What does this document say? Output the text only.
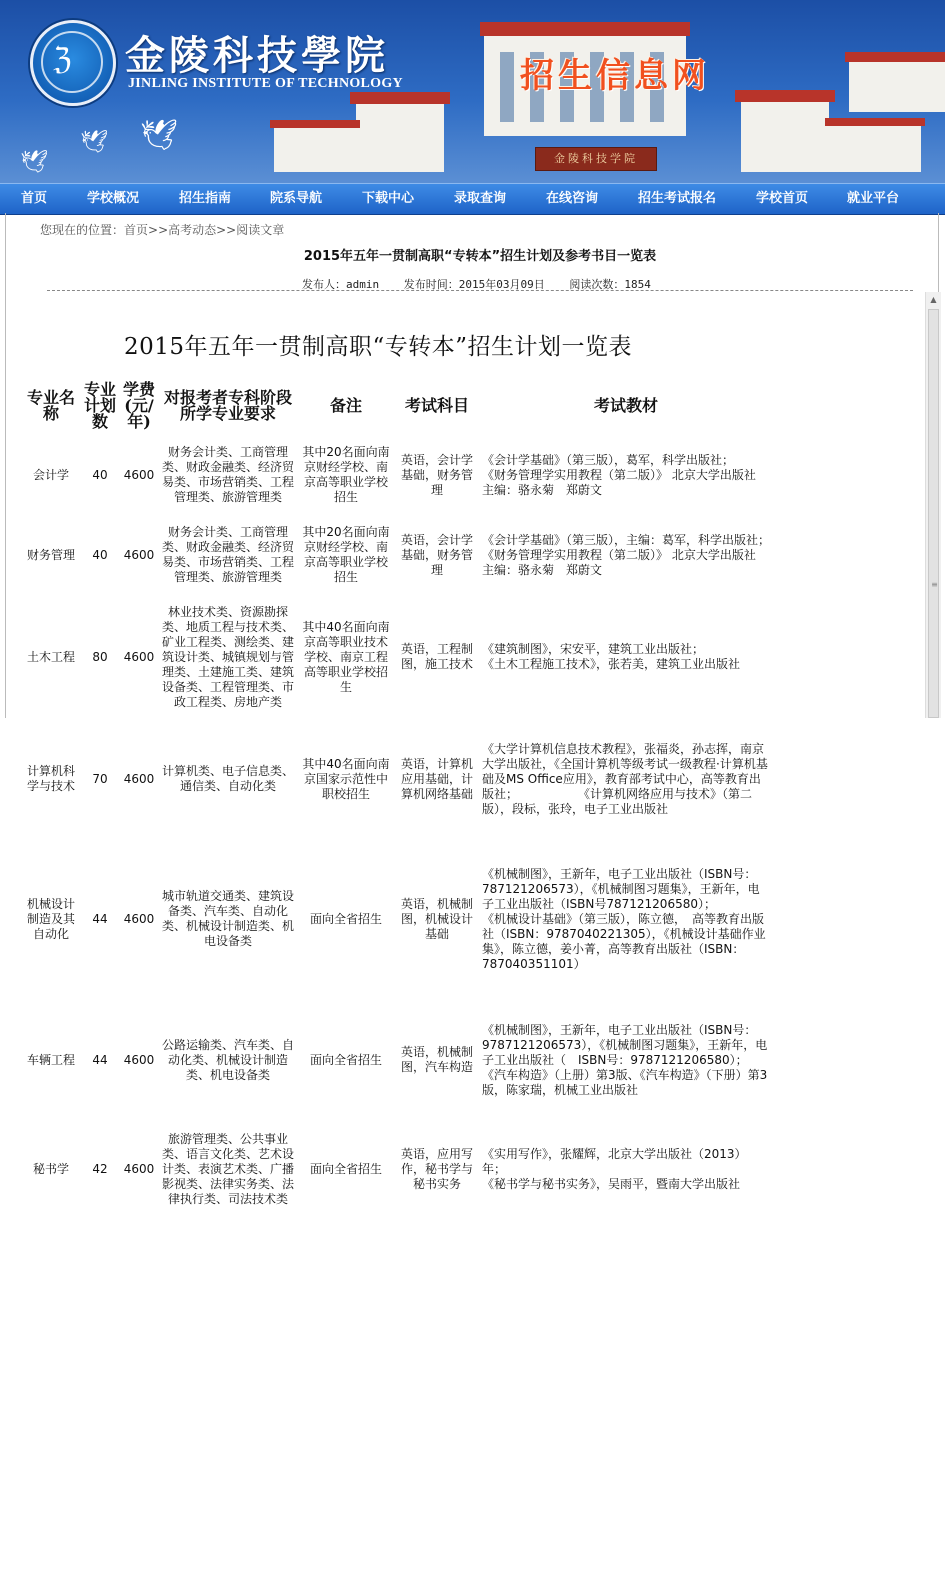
ℨ 金陵科技學院
JINLING INSTITUTE OF TECHNOLOGY	招生信息网
金陵科技学院
🕊
🕊 🕊
首页	学校概况	招生指南	院系导航	下载中心	录取查询	在线咨询	招生考试报名	学校首页	就业平台
您现在的位置：首页>>高考动态>>阅读文章
2015年五年一贯制高职“专转本”招生计划及参考书目一览表
发布人：admin 发布时间：2015年03月09日 阅读次数：1854
▲
≡
2015年五年一贯制高职“专转本”招生计划一览表
专业名称	专业计划数	学费(元/年)	对报考者专科阶段所学专业要求	备注	考试科目	考试教材
会计学	40	4600	财务会计类、工商管理类、财政金融类、经济贸易类、市场营销类、工程管理类、旅游管理类	其中20名面向南京财经学校、南京高等职业学校招生	英语，会计学基础，财务管理	《会计学基础》（第三版），葛军，科学出版社；
《财务管理学实用教程（第二版）》 北京大学出版社 主编：骆永菊　郑蔚文

财务管理	40	4600	财务会计类、工商管理类、财政金融类、经济贸易类、市场营销类、工程管理类、旅游管理类	其中20名面向南京财经学校、南京高等职业学校招生	英语，会计学基础，财务管理	《会计学基础》（第三版），主编：葛军，科学出版社；
《财务管理学实用教程（第二版）》 北京大学出版社 主编：骆永菊　郑蔚文

土木工程	80	4600	林业技术类、资源勘探类、地质工程与技术类、矿业工程类、测绘类、建筑设计类、城镇规划与管理类、土建施工类、建筑设备类、工程管理类、市政工程类、房地产类	其中40名面向南京高等职业技术学校、南京工程高等职业学校招生	英语，工程制图，施工技术	《建筑制图》，宋安平，建筑工业出版社；
《土木工程施工技术》，张若美，建筑工业出版社

计算机科学与技术	70	4600	计算机类、电子信息类、通信类、自动化类	其中40名面向南京国家示范性中职校招生	英语，计算机应用基础，计算机网络基础	《大学计算机信息技术教程》，张福炎，孙志挥，南京大学出版社，《全国计算机等级考试一级教程·计算机基础及MS Office应用》，教育部考试中心，高等教育出版社；　　　　　　《计算机网络应用与技术》（第二版），段标，张玲，电子工业出版社

机械设计制造及其自动化	44	4600	城市轨道交通类、建筑设备类、汽车类、自动化类、机械设计制造类、机电设备类	面向全省招生	英语，机械制图，机械设计基础	《机械制图》，王新年，电子工业出版社（ISBN号：787121206573），《机械制图习题集》，王新年，电子工业出版社（ISBN号787121206580）；
《机械设计基础》（第三版），陈立德，　高等教育出版社（ISBN：9787040221305），《机械设计基础作业集》，陈立德，姜小菁，高等教育出版社（ISBN：787040351101）

车辆工程	44	4600	公路运输类、汽车类、自动化类、机械设计制造类、机电设备类	面向全省招生	英语，机械制图，汽车构造	《机械制图》，王新年，电子工业出版社（ISBN号：9787121206573），《机械制图习题集》，王新年，电子工业出版社（　ISBN号：9787121206580）；
《汽车构造》（上册）第3版、《汽车构造》（下册）第3版，陈家瑞，机械工业出版社

秘书学	42	4600	旅游管理类、公共事业类、语言文化类、艺术设计类、表演艺术类、广播影视类、法律实务类、法律执行类、司法技术类	面向全省招生	英语，应用写作，秘书学与秘书实务	《实用写作》，张耀辉，北京大学出版社（2013）年；
《秘书学与秘书实务》，吴雨平，暨南大学出版社
